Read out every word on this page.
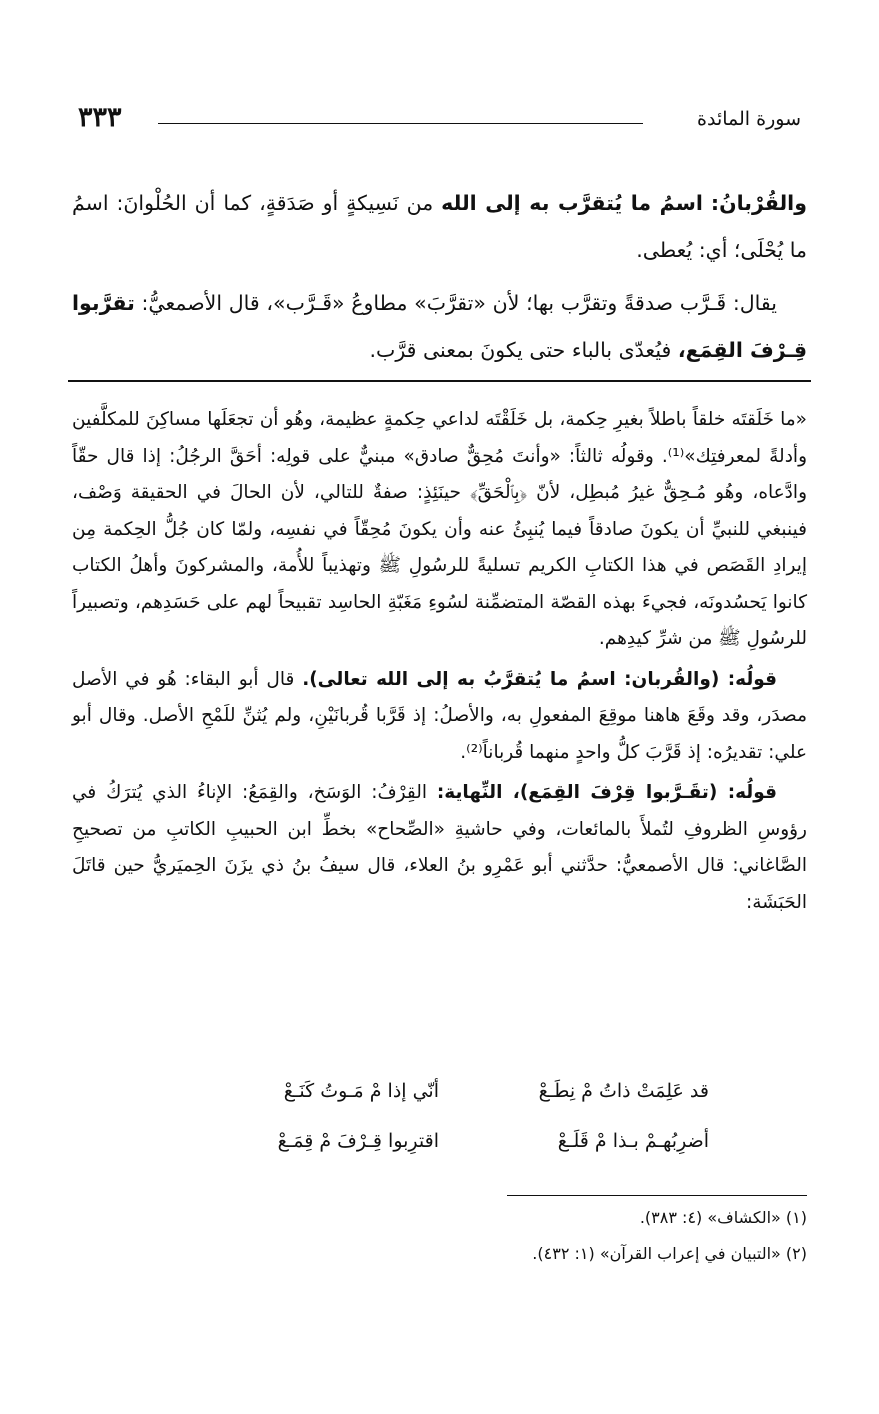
سورة المائدة
٣٣٣

والقُرْبانُ: اسمُ ما يُتقرَّب به إلى الله من نَسِيكةٍ أو صَدَقةٍ، كما أن الحُلْوانَ: اسمُ ما يُحْلَى؛ أي: يُعطى.

يقال: قَـرَّب صدقةً وتقرَّب بها؛ لأن «تقرَّبَ» مطاوعُ «قَـرَّب»، قال الأصمعيُّ: تقرَّبوا قِـرْفَ القِمَع، فيُعدّى بالباء حتى يكونَ بمعنى قرَّب.

«ما خَلَقتَه خلقاً باطلاً بغيرِ حِكمة، بل خَلَقْتَه لداعي حِكمةٍ عظيمة، وهُو أن تجعَلَها مساكِنَ للمكلَّفين وأدلةً لمعرفتِك»⁽¹⁾. وقولُه ثالثاً: «وأنتَ مُحِقٌّ صادق» مبنيٌّ على قولِه: أحَقَّ الرجُلُ: إذا قال حقّاً وادَّعاه، وهُو مُـحِقٌّ غيرُ مُبطِل، لأنّ ﴿بِٱلْحَقِّ﴾ حينَئِذٍ: صفةٌ للتالي، لأن الحالَ في الحقيقة وَصْف، فينبغي للنبيِّ أن يكونَ صادقاً فيما يُنبِئُ عنه وأن يكونَ مُحِقّاً في نفسِه، ولمّا كان جُلُّ الحِكمة مِن إيرادِ القَصَص في هذا الكتابِ الكريم تسليةً للرسُولِ ﷺ وتهذيباً للأُمة، والمشركونَ وأهلُ الكتاب كانوا يَحسُدونَه، فجيءَ بهذه القصّة المتضمِّنة لسُوءِ مَغَبّةِ الحاسِد تقبيحاً لهم على حَسَدِهم، وتصبيراً للرسُولِ ﷺ من شرِّ كيدِهم.

قولُه: (والقُربان: اسمُ ما يُتقرَّبُ به إلى الله تعالى). قال أبو البقاء: هُو في الأصل مصدَر، وقد وقَعَ هاهنا موقِعَ المفعولِ به، والأصلُ: إذ قَرَّبا قُربانَيْنِ، ولم يُثنِّ للَمْحِ الأصل. وقال أبو علي: تقديرُه: إذ قَرَّبَ كلُّ واحدٍ منهما قُرباناً⁽²⁾.

قولُه: (تقَـرَّبوا قِرْفَ القِمَع)، النِّهاية: القِرْفُ: الوَسَخ، والقِمَعُ: الإناءُ الذي يُترَكُ في رؤوسِ الظروفِ لتُملأَ بالمائعات، وفي حاشيةِ «الصِّحاح» بخطِّ ابن الحبيبِ الكاتبِ من تصحيحِ الصَّاغاني: قال الأصمعيُّ: حدَّثني أبو عَمْرِو بنُ العلاء، قال سيفُ بنُ ذي يزَنَ الحِميَريُّ حين قاتَلَ الحَبَشَة:

قد عَلِمَتْ ذاتُ مْ نِطَـعْ
أنّي إذا مْ مَـوتُ كَنَـعْ
أضرِبُهـمْ بـذا مْ قَلَـعْ
اقترِبوا قِـرْفَ مْ قِمَـعْ
(١) «الكشاف» (٤: ٣٨٣).
(٢) «التبيان في إعراب القرآن» (١: ٤٣٢).
